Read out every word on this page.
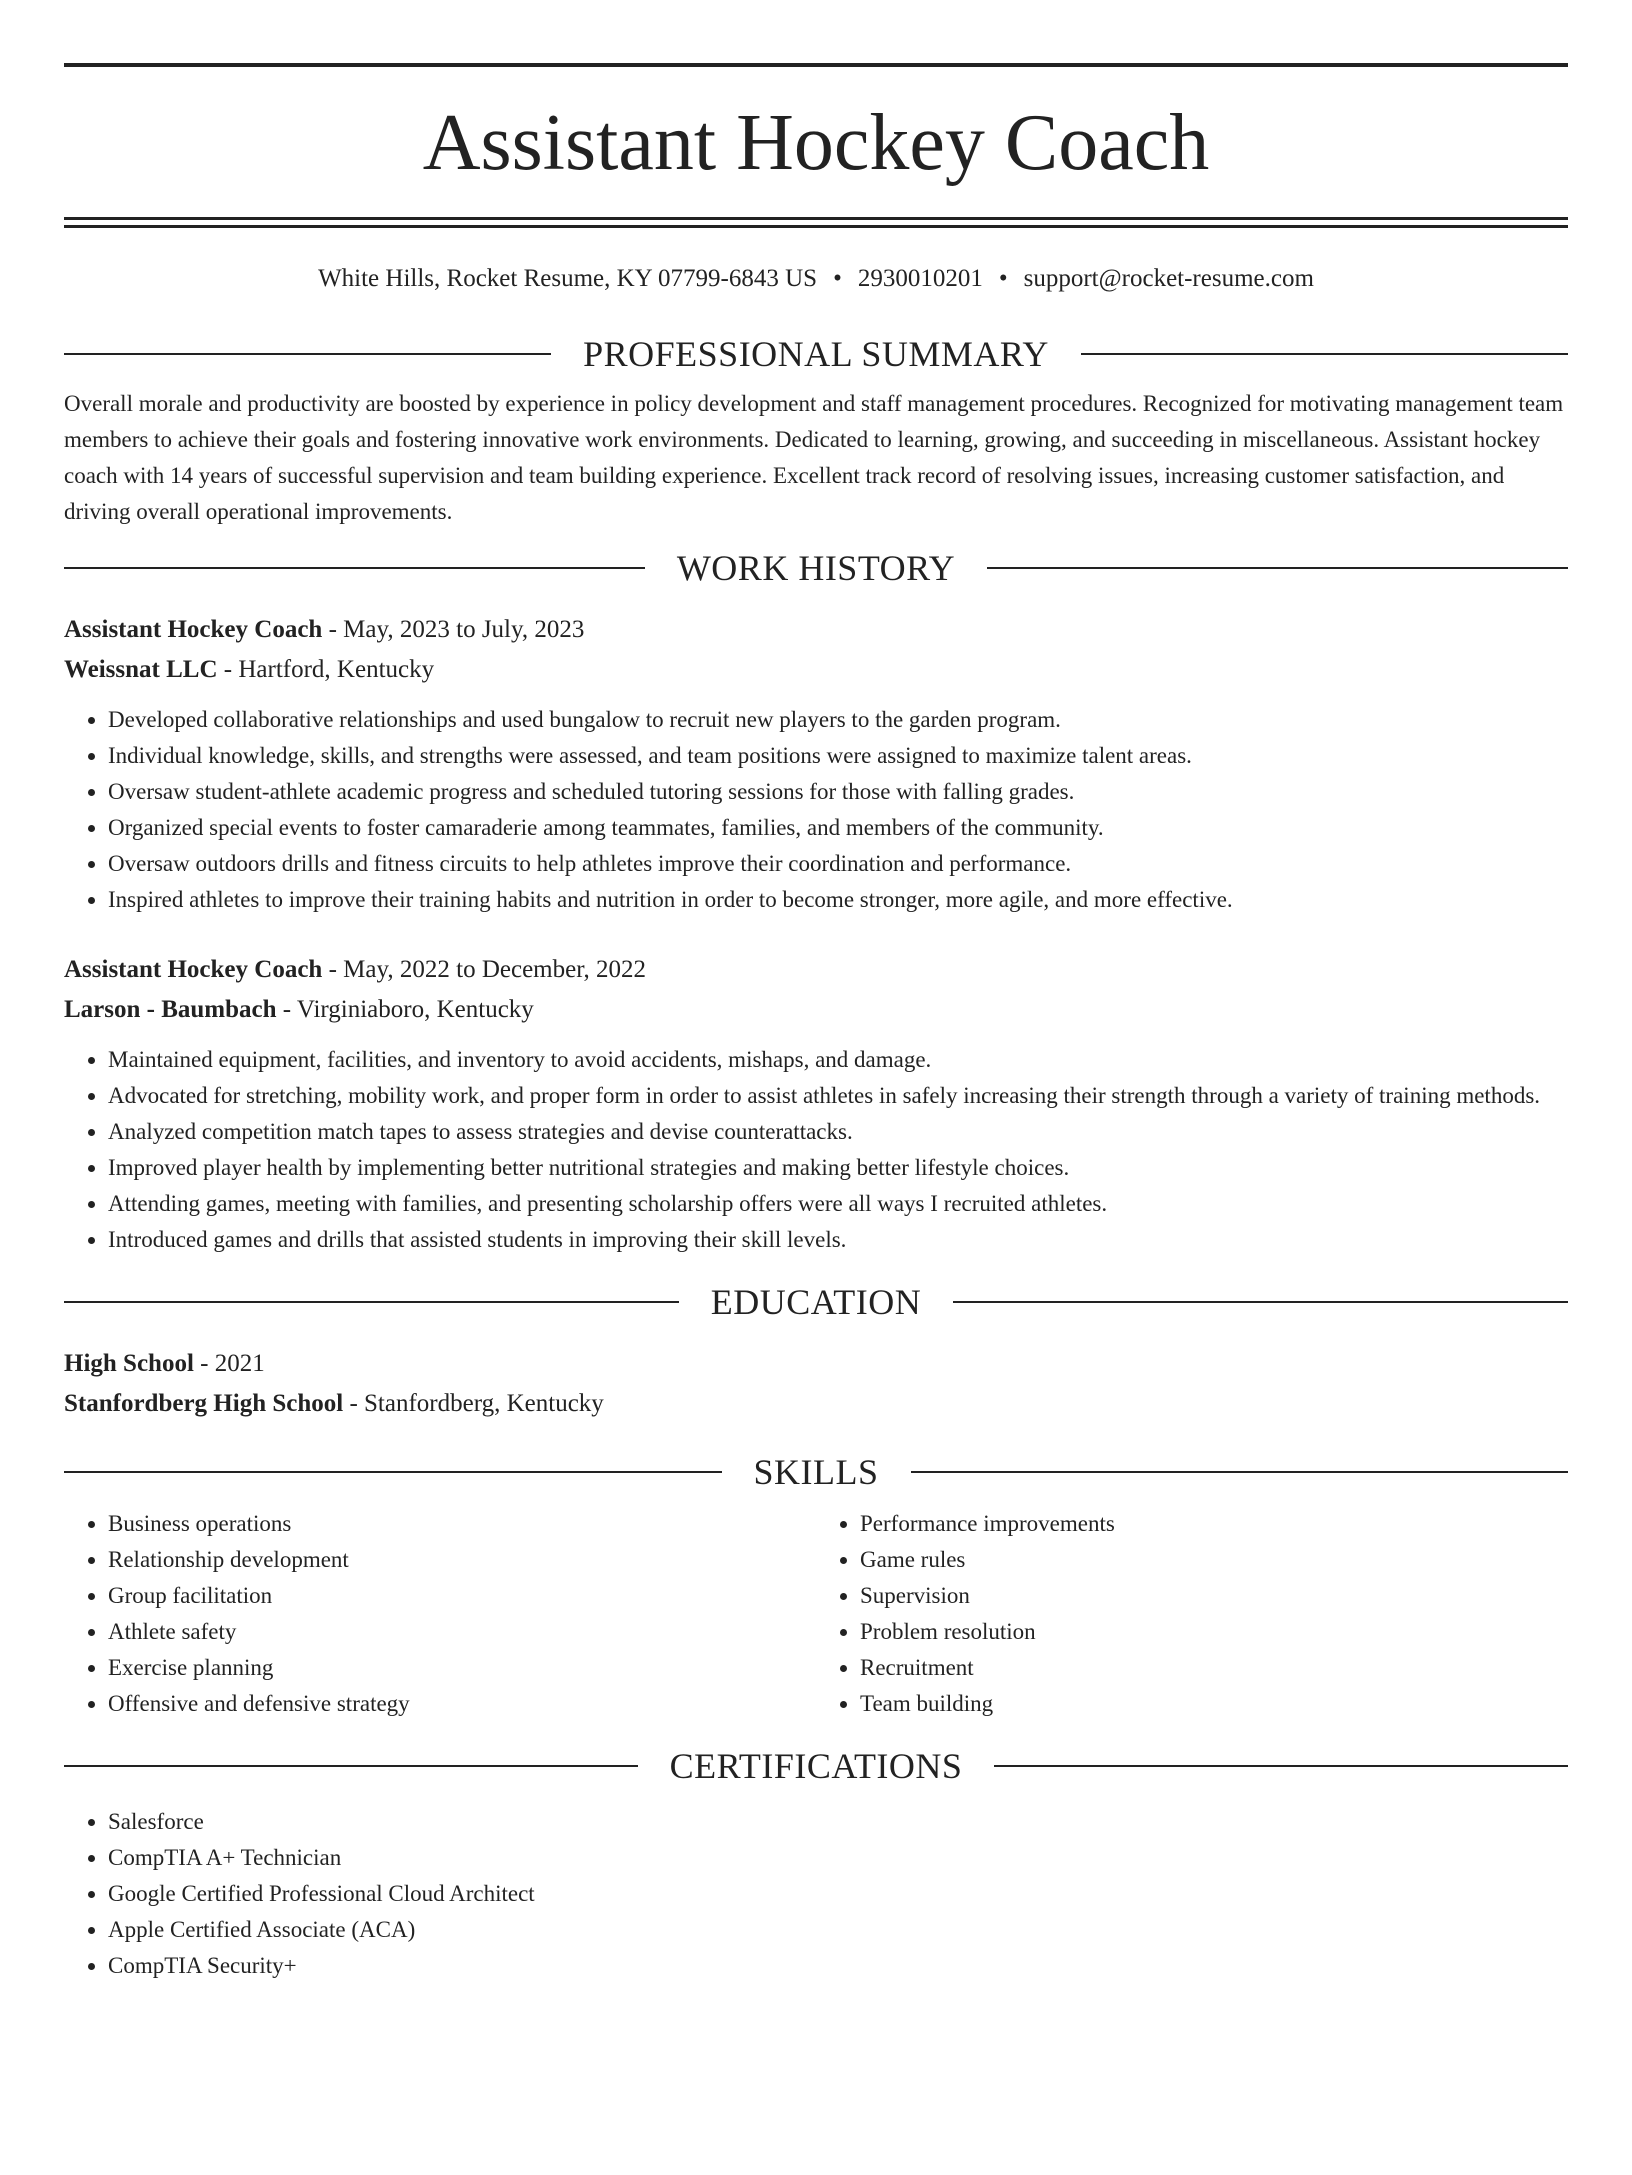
Assistant Hockey Coach
White Hills, Rocket Resume, KY 07799-6843 US • 2930010201 • support@rocket-resume.com
PROFESSIONAL SUMMARY

Overall morale and productivity are boosted by experience in policy development and staff management procedures. Recognized for motivating management team members to achieve their goals and fostering innovative work environments. Dedicated to learning, growing, and succeeding in miscellaneous. Assistant hockey coach with 14 years of successful supervision and team building experience. Excellent track record of resolving issues, increasing customer satisfaction, and driving overall operational improvements.

WORK HISTORY
Assistant Hockey Coach - May, 2023 to July, 2023
Weissnat LLC - Hartford, Kentucky
• Developed collaborative relationships and used bungalow to recruit new players to the garden program.
• Individual knowledge, skills, and strengths were assessed, and team positions were assigned to maximize talent areas.
• Oversaw student-athlete academic progress and scheduled tutoring sessions for those with falling grades.
• Organized special events to foster camaraderie among teammates, families, and members of the community.
• Oversaw outdoors drills and fitness circuits to help athletes improve their coordination and performance.
• Inspired athletes to improve their training habits and nutrition in order to become stronger, more agile, and more effective.
Assistant Hockey Coach - May, 2022 to December, 2022
Larson - Baumbach - Virginiaboro, Kentucky
• Maintained equipment, facilities, and inventory to avoid accidents, mishaps, and damage.
• Advocated for stretching, mobility work, and proper form in order to assist athletes in safely increasing their strength through a variety of training methods.
• Analyzed competition match tapes to assess strategies and devise counterattacks.
• Improved player health by implementing better nutritional strategies and making better lifestyle choices.
• Attending games, meeting with families, and presenting scholarship offers were all ways I recruited athletes.
• Introduced games and drills that assisted students in improving their skill levels.
EDUCATION
High School - 2021
Stanfordberg High School - Stanfordberg, Kentucky
SKILLS
• Business operations
• Relationship development
• Group facilitation
• Athlete safety
• Exercise planning
• Offensive and defensive strategy
• Performance improvements
• Game rules
• Supervision
• Problem resolution
• Recruitment
• Team building
CERTIFICATIONS
• Salesforce
• CompTIA A+ Technician
• Google Certified Professional Cloud Architect
• Apple Certified Associate (ACA)
• CompTIA Security+
